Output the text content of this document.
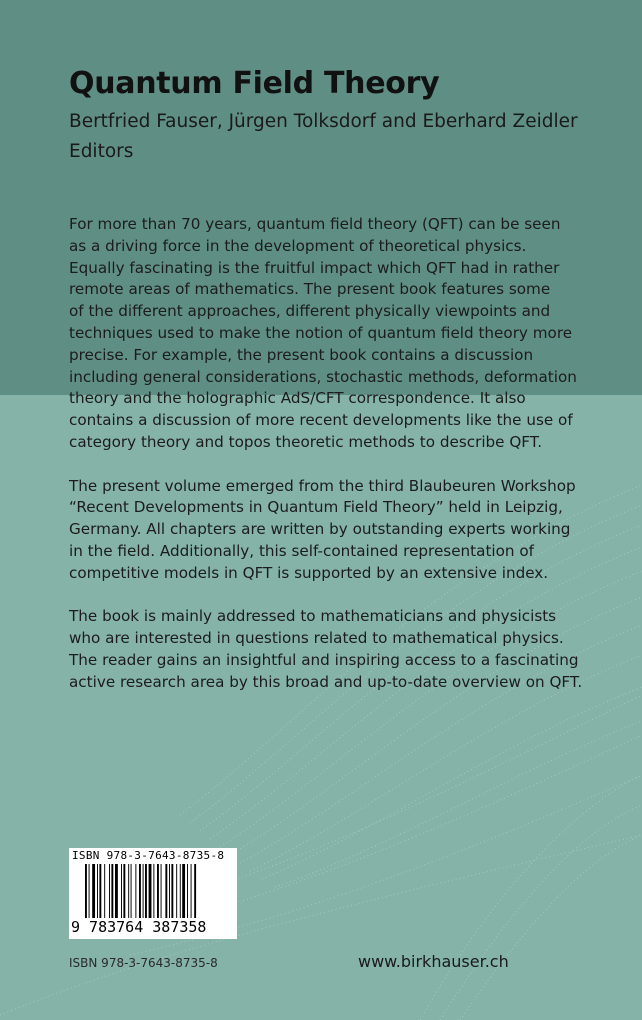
Quantum Field Theory
Bertfried Fauser, Jürgen Tolksdorf and Eberhard Zeidler
Editors

For more than 70 years, quantum field theory (QFT) can be seen
as a driving force in the development of theoretical physics.
Equally fascinating is the fruitful impact which QFT had in rather
remote areas of mathematics. The present book features some
of the different approaches, different physically viewpoints and
techniques used to make the notion of quantum field theory more
precise. For example, the present book contains a discussion
including general considerations, stochastic methods, deformation
theory and the holographic AdS/CFT correspondence. It also
contains a discussion of more recent developments like the use of
category theory and topos theoretic methods to describe QFT.

The present volume emerged from the third Blaubeuren Workshop
“Recent Developments in Quantum Field Theory” held in Leipzig,
Germany. All chapters are written by outstanding experts working
in the field. Additionally, this self-contained representation of
competitive models in QFT is supported by an extensive index.

The book is mainly addressed to mathematicians and physicists
who are interested in questions related to mathematical physics.
The reader gains an insightful and inspiring access to a fascinating
active research area by this broad and up-to-date overview on QFT.

ISBN 978-3-7643-8735-8
9 783764 387358
ISBN 978-3-7643-8735-8	www.birkhauser.ch
